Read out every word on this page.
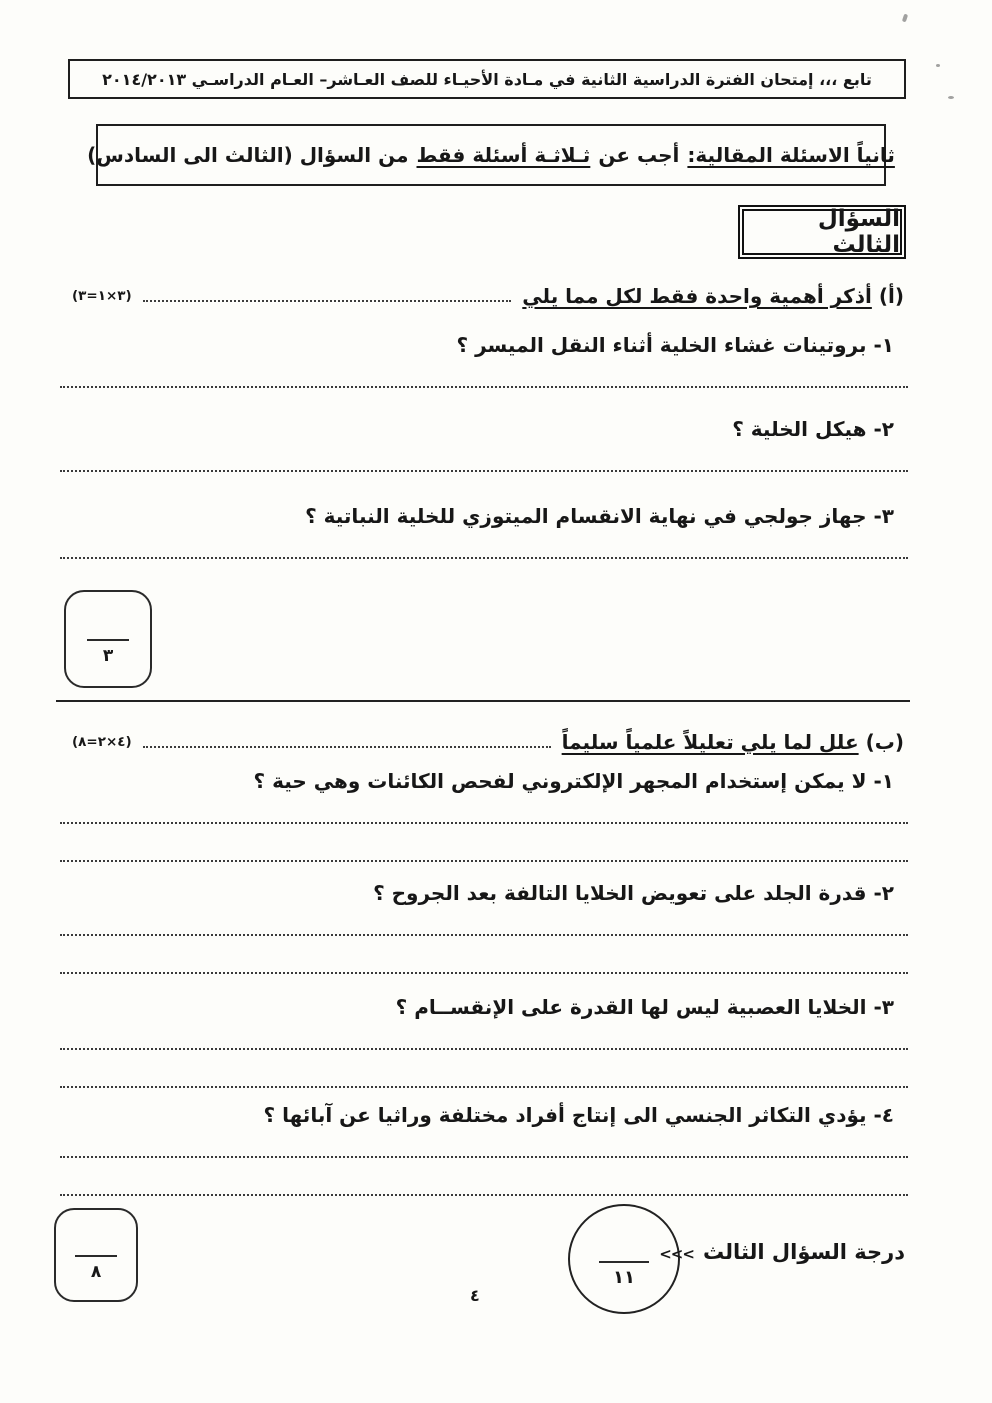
تابع ،،، إمتحان الفترة الدراسية الثانية في مـادة الأحيـاء للصف العـاشر– العـام الدراسـي ٢٠١٤/٢٠١٣
ثانياً الاسئلة المقالية:
أجب عن
ثـلاثـة أسئلة فقط
من السؤال (الثالث الى السادس)
السؤال الثالث
(أ)
أذكر أهمية واحدة فقط لكل مما يلي
(٣=١×٣)
١- بروتينات غشاء الخلية أثناء النقل الميسر ؟
٢- هيكل الخلية ؟
٣- جهاز جولجي في نهاية الانقسام الميتوزي للخلية النباتية ؟
٣
(ب)
علل لما يلي تعليلاً علمياً سليماً
(٨=٢×٤)
١- لا يمكن إستخدام المجهر الإلكتروني لفحص الكائنات وهي حية ؟
٢- قدرة الجلد على تعويض الخلايا التالفة بعد الجروح ؟
٣- الخلايا العصبية ليس لها القدرة على الإنقســام ؟
٤- يؤدي التكاثر الجنسي الى إنتاج أفراد مختلفة وراثيا عن آبائها ؟
٨	١١
درجة السؤال الثالث
<<<
٤
